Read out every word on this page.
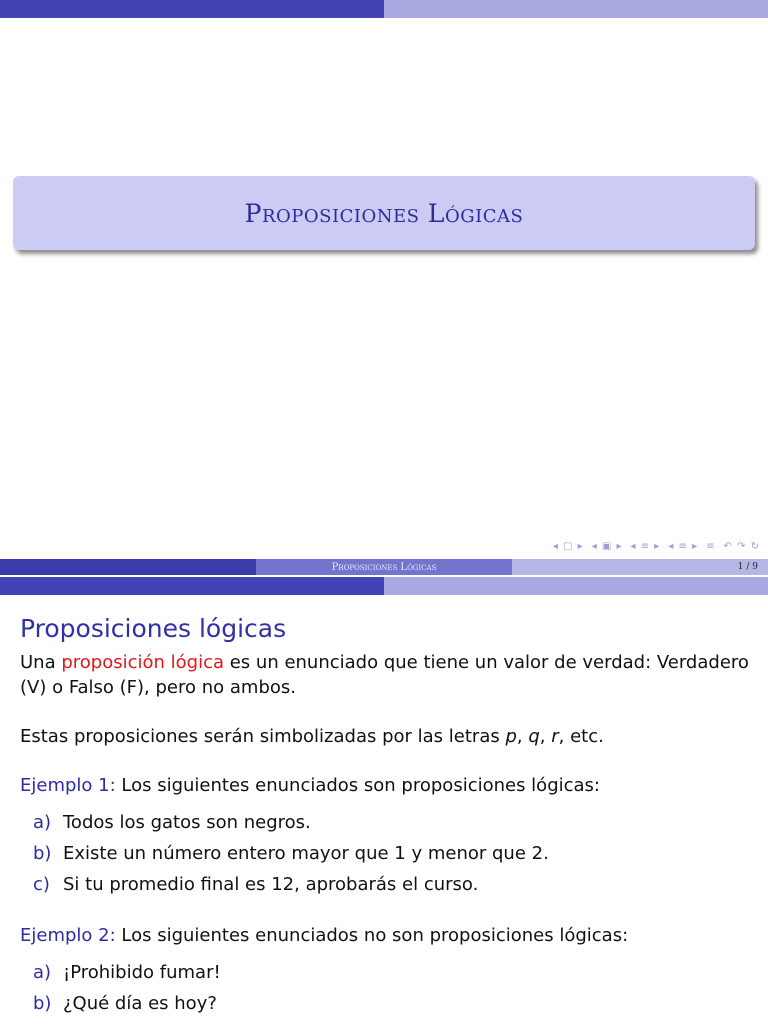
Proposiciones Lógicas
◂ ▢ ▸ ◂ ▣ ▸ ◂ ≡ ▸ ◂ ≡ ▸ ≡ ↶ ↷ ↻
Proposiciones Lógicas	1 / 9
Proposiciones lógicas

Una proposición lógica es un enunciado que tiene un valor de verdad: Verdadero (V) o Falso (F), pero no ambos.

Estas proposiciones serán simbolizadas por las letras p, q, r, etc.

Ejemplo 1: Los siguientes enunciados son proposiciones lógicas:

a) Todos los gatos son negros.
b) Existe un número entero mayor que 1 y menor que 2.
c) Si tu promedio final es 12, aprobarás el curso.

Ejemplo 2: Los siguientes enunciados no son proposiciones lógicas:

a) ¡Prohibido fumar!
b) ¿Qué día es hoy?
